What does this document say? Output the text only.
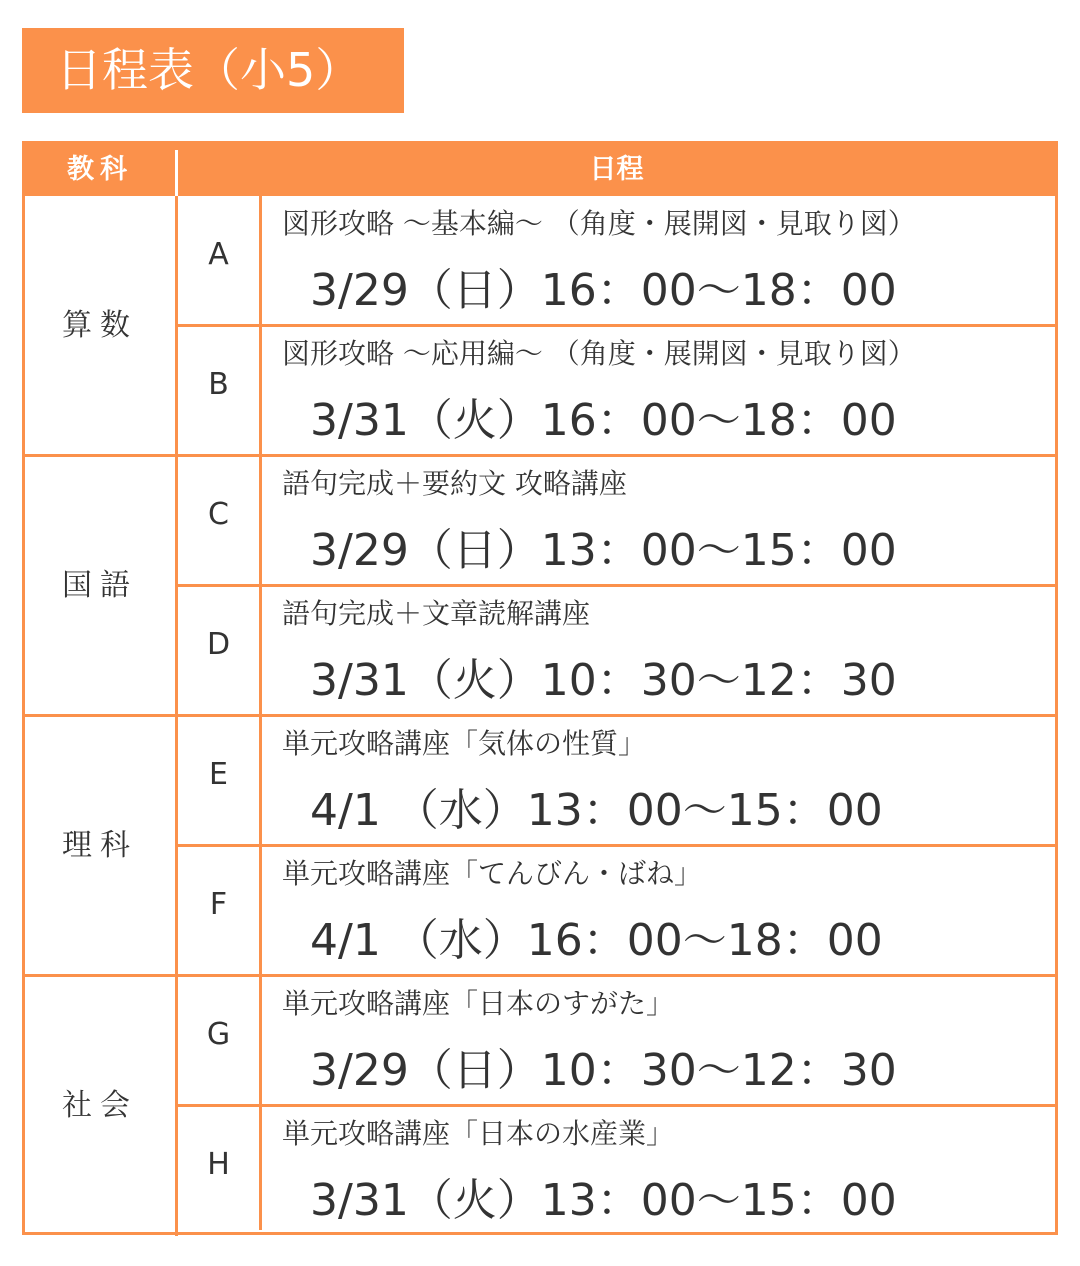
日程表（小5）
教科	日程
算数
A
図形攻略 ～基本編～ （角度・展開図・見取り図）
3/29（日）16：00～18：00
B
図形攻略 ～応用編～ （角度・展開図・見取り図）
3/31（火）16：00～18：00
国語
C
語句完成＋要約文 攻略講座
3/29（日）13：00～15：00
D
語句完成＋文章読解講座
3/31（火）10：30～12：30
理科
E
単元攻略講座「気体の性質」
4/1 （水）13：00～15：00
F
単元攻略講座「てんびん・ばね」
4/1 （水）16：00～18：00
社会
G
単元攻略講座「日本のすがた」
3/29（日）10：30～12：30
H
単元攻略講座「日本の水産業」
3/31（火）13：00～15：00
